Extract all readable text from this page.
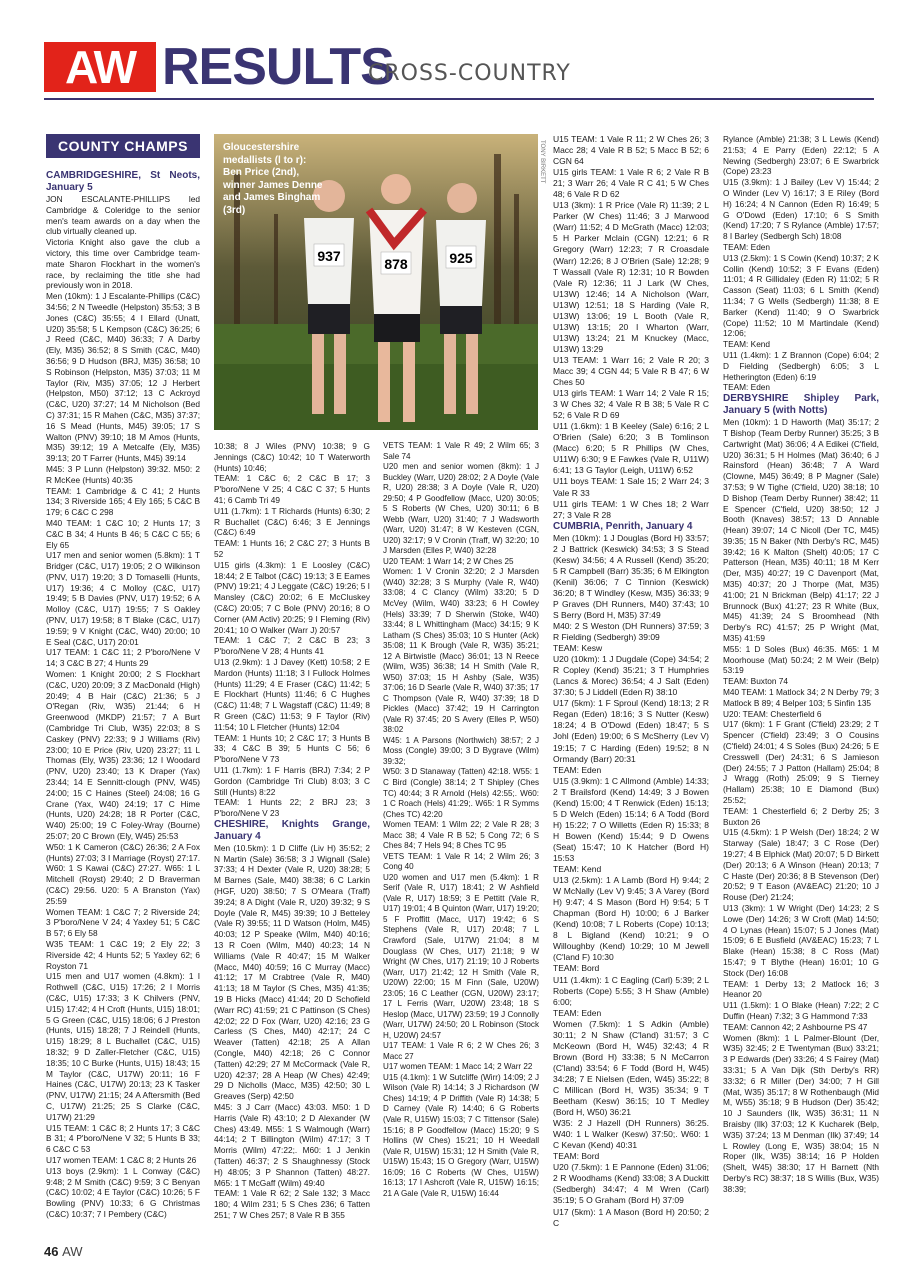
AW RESULTS
CROSS-COUNTRY
COUNTY CHAMPS

CAMBRIDGESHIRE, St Neots, January 5

JON ESCALANTE-PHILLIPS led Cambridge & Coleridge to the senior men's team awards on a day when the club virtually cleaned up.

Victoria Knight also gave the club a victory, this time over Cambridge team-mate Sharon Flockhart in the women's race, by reclaiming the title she had previously won in 2018.

Men (10km): 1 J Escalante-Phillips (C&C) 34:56; 2 N Tweedle (Helpston) 35:53; 3 B Jones (C&C) 35:55; 4 I Ellard (Unatt, U20) 35:58; 5 L Kempson (C&C) 36:25; 6 J Reed (C&C, M40) 36:33; 7 A Darby (Ely, M35) 36:52; 8 S Smith (C&C, M40) 36:56; 9 D Hudson (BRJ, M35) 36:58; 10 S Robinson (Helpston, M35) 37:03; 11 M Taylor (Riv, M35) 37:05; 12 J Herbert (Helpston, M50) 37:12; 13 C Ackroyd (C&C, U20) 37:27; 14 M Nicholson (Bed C) 37:31; 15 R Mahen (C&C, M35) 37:37; 16 S Mead (Hunts, M45) 39:05; 17 S Walton (PNV) 39:10; 18 M Amos (Hunts, M35) 39:12; 19 A Metcalfe (Ely, M35) 39:13; 20 T Farrer (Hunts, M45) 39:14

M45: 3 P Lunn (Helpston) 39:32. M50: 2 R McKee (Hunts) 40:35

TEAM: 1 Cambridge & C 41; 2 Hunts 134; 3 Riverside 165; 4 Ely 165; 5 C&C B 179; 6 C&C C 298

M40 TEAM: 1 C&C 10; 2 Hunts 17; 3 C&C B 34; 4 Hunts B 46; 5 C&C C 55; 6 Ely 65

U17 men and senior women (5.8km): 1 T Bridger (C&C, U17) 19:05; 2 O Wilkinson (PNV, U17) 19:20; 3 D Tomaselli (Hunts, U17) 19:36; 4 C Molloy (C&C, U17) 19:49; 5 B Davies (PNV, U17) 19:52; 6 A Molloy (C&C, U17) 19:55; 7 S Oakley (PNV, U17) 19:58; 8 T Blake (C&C, U17) 19:59; 9 V Knight (C&C, W40) 20:00; 10 E Seal (C&C, U17) 20:01

U17 TEAM: 1 C&C 11; 2 P'boro/Nene V 14; 3 C&C B 27; 4 Hunts 29

Women: 1 Knight 20:00; 2 S Flockhart (C&C, U20) 20:09; 3 Z MacDonald (High) 20:49; 4 B Hair (C&C) 21:36; 5 J O'Regan (Riv, W35) 21:44; 6 H Greenwood (MKDP) 21:57; 7 A Burt (Cambridge Tri Club, W35) 22:03; 8 S Caskey (PNV) 22:33; 9 J Williams (Riv) 23:00; 10 E Price (Riv, U20) 23:27; 11 L Thomas (Ely, W35) 23:36; 12 I Woodard (PNV, U20) 23:40; 13 K Draper (Yax) 23:44; 14 E Sennitt-clough (PNV, W45) 24:00; 15 C Haines (Steel) 24:08; 16 G Crane (Yax, W40) 24:19; 17 C Hime (Hunts, U20) 24:28; 18 R Porter (C&C, W40) 25:00; 19 C Foley-Wray (Bourne) 25:07; 20 C Brown (Ely, W45) 25:53

W50: 1 K Cameron (C&C) 26:36; 2 A Fox (Hunts) 27:03; 3 I Marriage (Royst) 27:17. W60: 1 S Kawai (C&C) 27:27. W65: 1 L Mitchell (Royst) 29:40; 2 D Braverman (C&C) 29:56. U20: 5 A Branston (Yax) 25:59

Women TEAM: 1 C&C 7; 2 Riverside 24; 3 P'boro/Nene V 24; 4 Yaxley 51; 5 C&C B 57; 6 Ely 58

W35 TEAM: 1 C&C 19; 2 Ely 22; 3 Riverside 42; 4 Hunts 52; 5 Yaxley 62; 6 Royston 71

U15 men and U17 women (4.8km): 1 I Rothwell (C&C, U15) 17:26; 2 I Morris (C&C, U15) 17:33; 3 K Chilvers (PNV, U15) 17:42; 4 H Croft (Hunts, U15) 18:01; 5 G Green (C&C, U15) 18:06; 6 J Preston (Hunts, U15) 18:28; 7 J Reindell (Hunts, U15) 18:29; 8 L Buchallet (C&C, U15) 18:32; 9 D Zaller-Fletcher (C&C, U15) 18:35; 10 C Burke (Hunts, U15) 18:43; 15 M Taylor (C&C, U17W) 20:11; 16 F Haines (C&C, U17W) 20:13; 23 K Tasker (PNV, U17W) 21:15; 24 A Aftersmith (Bed C, U17W) 21:25; 25 S Clarke (C&C, U17W) 21:29

U15 TEAM: 1 C&C 8; 2 Hunts 17; 3 C&C B 31; 4 P'boro/Nene V 32; 5 Hunts B 33; 6 C&C C 53

U17 women TEAM: 1 C&C 8; 2 Hunts 26

U13 boys (2.9km): 1 L Conway (C&C) 9:48; 2 M Smith (C&C) 9:59; 3 C Benyan (C&C) 10:02; 4 E Taylor (C&C) 10:26; 5 F Bowling (PNV) 10:33; 6 G Christmas (C&C) 10:37; 7 I Pembery (C&C)

10:38; 8 J Wiles (PNV) 10:38; 9 G Jennings (C&C) 10:42; 10 T Waterworth (Hunts) 10:46;

TEAM: 1 C&C 6; 2 C&C B 17; 3 P'boro/Nene V 25; 4 C&C C 37; 5 Hunts 41; 6 Camb Tri 49

U11 (1.7km): 1 T Richards (Hunts) 6:30; 2 R Buchallet (C&C) 6:46; 3 E Jennings (C&C) 6:49

TEAM: 1 Hunts 16; 2 C&C 27; 3 Hunts B 52

U15 girls (4.3km): 1 E Loosley (C&C) 18:44; 2 E Talbot (C&C) 19:13; 3 E Eames (PNV) 19:21; 4 J Leggate (C&C) 19:26; 5 I Mansley (C&C) 20:02; 6 E McCluskey (C&C) 20:05; 7 C Bole (PNV) 20:16; 8 O Corner (AM Activ) 20:25; 9 I Fleming (Riv) 20:41; 10 O Walker (Warr J) 20:57

TEAM: 1 C&C 7; 2 C&C B 23; 3 P'boro/Nene V 28; 4 Hunts 41

U13 (2.9km): 1 J Davey (Kett) 10:58; 2 E Mardon (Hunts) 11:18; 3 I Fullock Holmes (Hunts) 11:29; 4 E Fraser (C&C) 11:42; 5 E Flockhart (Hunts) 11:46; 6 C Hughes (C&C) 11:48; 7 L Wagstaff (C&C) 11:49; 8 R Green (C&C) 11:53; 9 F Taylor (Riv) 11:54; 10 L Fletcher (Hunts) 12:04

TEAM: 1 Hunts 10; 2 C&C 17; 3 Hunts B 33; 4 C&C B 39; 5 Hunts C 56; 6 P'boro/Nene V 73

U11 (1.7km): 1 F Harris (BRJ) 7:34; 2 P Gordon (Cambridge Tri Club) 8:03; 3 C Still (Hunts) 8:22

TEAM: 1 Hunts 22; 2 BRJ 23; 3 P'boro/Nene V 23

CHESHIRE, Knights Grange, January 4

Men (10.5km): 1 D Cliffe (Liv H) 35:52; 2 N Martin (Sale) 36:58; 3 J Wignall (Sale) 37:33; 4 H Dexter (Vale R, U20) 38:28; 5 M Barnes (Sale, M40) 38:38; 6 C Larkin (HGF, U20) 38:50; 7 S O'Meara (Traff) 39:24; 8 A Dight (Vale R, U20) 39:32; 9 S Doyle (Vale R, M45) 39:39; 10 J Betteley (Vale R) 39:55; 11 D Watson (Holm, M45) 40:03; 12 P Speake (Wilm, M40) 40:16; 13 R Coen (Wilm, M40) 40:23; 14 N Williams (Vale R 40:47; 15 M Walker (Macc, M40) 40:59; 16 C Murray (Macc) 41:12; 17 M Crabtree (Vale R, M40) 41:13; 18 M Taylor (S Ches, M35) 41:35; 19 B Hicks (Macc) 41:44; 20 D Schofield (Warr RC) 41:59; 21 C Pattinson (S Ches) 42:02; 22 D Fox (Warr, U20) 42:16; 23 G Carless (S Ches, M40) 42:17; 24 C Weaver (Tatten) 42:18; 25 A Allan (Congle, M40) 42:18; 26 C Connor (Tatten) 42:29; 27 M McCormack (Vale R, U20) 42:37; 28 A Heap (W Ches) 42:49; 29 D Nicholls (Macc, M35) 42:50; 30 L Greaves (Serp) 42:50

M45: 3 J Carr (Macc) 43:03. M50: 1 D Harris (Vale R) 43:10; 2 D Alexander (W Ches) 43:49. M55: 1 S Walmough (Warr) 44:14; 2 T Billington (Wilm) 47:17; 3 T Morris (Wilm) 47:22;. M60: 1 J Jenkin (Tatten) 46:37; 2 S Shaughnessy (Stock H) 48:05; 3 P Shannon (Tatten) 48:27. M65: 1 T McGaff (Wilm) 49:40

TEAM: 1 Vale R 62; 2 Sale 132; 3 Macc 180; 4 Wilm 231; 5 S Ches 236; 6 Tatten 251; 7 W Ches 257; 8 Vale R B 355

VETS TEAM: 1 Vale R 49; 2 Wilm 65; 3 Sale 74

U20 men and senior women (8km): 1 J Buckley (Warr, U20) 28:02; 2 A Doyle (Vale R, U20) 28:38; 3 A Doyle (Vale R, U20) 29:50; 4 P Goodfellow (Macc, U20) 30:05; 5 S Roberts (W Ches, U20) 30:11; 6 B Webb (Warr, U20) 31:40; 7 J Wadsworth (Warr, U20) 31:47; 8 W Kesteven (CGN, U20) 32:17; 9 V Cronin (Traff, W) 32:20; 10 J Marsden (Elles P, W40) 32:28

U20 TEAM: 1 Warr 14; 2 W Ches 25

Women: 1 V Cronin 32:20; 2 J Marsden (W40) 32:28; 3 S Murphy (Vale R, W40) 33:08; 4 C Clancy (Wilm) 33:20; 5 D McVey (Wilm, W40) 33:23; 6 H Cowley (Hels) 33:39; 7 D Sherwin (Stoke, W40) 33:44; 8 L Whittingham (Macc) 34:15; 9 K Latham (S Ches) 35:03; 10 S Hunter (Ack) 35:08; 11 K Brough (Vale R, W35) 35:21; 12 A Birtwistle (Macc) 36:01; 13 N Reece (Wilm, W35) 36:38; 14 H Smith (Vale R, W50) 37:03; 15 H Ashby (Sale, W35) 37:06; 16 D Searle (Vale R, W40) 37:35; 17 C Thompson (Vale R, W40) 37:39; 18 D Pickles (Macc) 37:42; 19 H Carrington (Vale R) 37:45; 20 S Avery (Elles P, W50) 38:02

W45: 1 A Parsons (Northwich) 38:57; 2 J Moss (Congle) 39:00; 3 D Bygrave (Wilm) 39:32;

W50: 3 D Stanaway (Tatten) 42:18. W55: 1 C Bird (Congle) 38:14; 2 T Shipley (Ches TC) 40:44; 3 R Arnold (Hels) 42:55;. W60: 1 C Roach (Hels) 41:29;. W65: 1 R Symms (Ches TC) 42:20

Women TEAM: 1 Wilm 22; 2 Vale R 28; 3 Macc 38; 4 Vale R B 52; 5 Cong 72; 6 S Ches 84; 7 Hels 94; 8 Ches TC 95

VETS TEAM: 1 Vale R 14; 2 Wilm 26; 3 Cong 40

U20 women and U17 men (5.4km): 1 R Serif (Vale R, U17) 18:41; 2 W Ashfield (Vale R, U17) 18:59; 3 E Pettitt (Vale R, U17) 19:01; 4 B Quinton (Warr, U17) 19:20; 5 F Proffitt (Macc, U17) 19:42; 6 S Stephens (Vale R, U17) 20:48; 7 L Crawford (Sale, U17W) 21:04; 8 M Douglass (W Ches, U17) 21:18; 9 W Wright (W Ches, U17) 21:19; 10 J Roberts (Warr, U17) 21:42; 12 H Smith (Vale R, U20W) 22:00; 15 M Finn (Sale, U20W) 23:05; 16 C Leather (CGN, U20W) 23:17; 17 L Ferris (Warr, U20W) 23:48; 18 S Heslop (Macc, U17W) 23:59; 19 J Connolly (Warr, U17W) 24:50; 20 L Robinson (Stock H, U20W) 24:57

U17 TEAM: 1 Vale R 6; 2 W Ches 26; 3 Macc 27

U17 women TEAM: 1 Macc 14; 2 Warr 22

U15 (4.1km): 1 W Sutcliffe (Wirr) 14:09; 2 J Wilson (Vale R) 14:14; 3 J Richardson (W Ches) 14:19; 4 P Driffith (Vale R) 14:38; 5 D Carney (Vale R) 14:40; 6 G Roberts (Vale R, U15W) 15:03; 7 C Tittensor (Sale) 15:16; 8 P Goodfellow (Macc) 15:20; 9 S Hollins (W Ches) 15:21; 10 H Weedall (Vale R, U15W) 15:31; 12 H Smith (Vale R, U15W) 15:43; 15 O Gregory (Warr, U15W) 16:09; 16 C Roberts (W Ches, U15W) 16:13; 17 I Ashcroft (Vale R, U15W) 16:15; 21 A Gale (Vale R, U15W) 16:44

U15 TEAM: 1 Vale R 11; 2 W Ches 26; 3 Macc 28; 4 Vale R B 52; 5 Macc B 52; 6 CGN 64

U15 girls TEAM: 1 Vale R 6; 2 Vale R B 21; 3 Warr 26; 4 Vale R C 41; 5 W Ches 48; 6 Vale R D 62

U13 (3km): 1 R Price (Vale R) 11:39; 2 L Parker (W Ches) 11:46; 3 J Marwood (Warr) 11:52; 4 D McGrath (Macc) 12:03; 5 H Parker Mclain (CGN) 12:21; 6 R Gregory (Warr) 12:23; 7 R Croasdale (Warr) 12:26; 8 J O'Brien (Sale) 12:28; 9 T Wassall (Vale R) 12:31; 10 R Bowden (Vale R) 12:36; 11 J Lark (W Ches, U13W) 12:46; 14 A Nicholson (Warr, U13W) 12:51; 18 S Harding (Vale R, U13W) 13:06; 19 L Booth (Vale R, U13W) 13:15; 20 I Wharton (Warr, U13W) 13:24; 21 M Knuckey (Macc, U13W) 13:29

U13 TEAM: 1 Warr 16; 2 Vale R 20; 3 Macc 39; 4 CGN 44; 5 Vale R B 47; 6 W Ches 50

U13 girls TEAM: 1 Warr 14; 2 Vale R 15; 3 W Ches 32; 4 Vale R B 38; 5 Vale R C 52; 6 Vale R D 69

U11 (1.6km): 1 B Keeley (Sale) 6:16; 2 L O'Brien (Sale) 6:20; 3 B Tomlinson (Macc) 6:20; 5 R Phillips (W Ches, U11W) 6:30; 9 E Fawkes (Vale R, U11W) 6:41; 13 G Taylor (Leigh, U11W) 6:52

U11 boys TEAM: 1 Sale 15; 2 Warr 24; 3 Vale R 33

U11 girls TEAM: 1 W Ches 18; 2 Warr 27; 3 Vale R 28

CUMBRIA, Penrith, January 4

Men (10km): 1 J Douglas (Bord H) 33:57; 2 J Battrick (Keswick) 34:53; 3 S Stead (Kesw) 34:56; 4 A Russell (Kend) 35:20; 5 R Campbell (Barr) 35:35; 6 M Elkington (Kenil) 36:06; 7 C Tinnion (Keswick) 36:20; 8 T Windley (Kesw, M35) 36:33; 9 P Graves (DH Runners, M40) 37:43; 10 S Berry (Bord H, M35) 37:49

M40: 2 S Weston (DH Runners) 37:59; 3 R Fielding (Sedbergh) 39:09

TEAM: Kesw

U20 (10km): 1 J Dugdale (Cope) 34:54; 2 R Copley (Kend) 35:21; 3 T Humphries (Lancs & Morec) 36:54; 4 J Salt (Eden) 37:30; 5 J Liddell (Eden R) 38:10

U17 (5km): 1 F Sproul (Kend) 18:13; 2 R Regan (Eden) 18:16; 3 S Nutter (Kesw) 18:24; 4 B O'Dowd (Eden) 18:47; 5 S Johl (Eden) 19:00; 6 S McSherry (Lev V) 19:15; 7 C Harding (Eden) 19:52; 8 N Ormandy (Barr) 20:31

TEAM: Eden

U15 (3.9km): 1 C Allmond (Amble) 14:33; 2 T Brailsford (Kend) 14:49; 3 J Bowen (Kend) 15:00; 4 T Renwick (Eden) 15:13; 5 D Welch (Eden) 15:14; 6 A Todd (Bord H) 15:22; 7 O Willetts (Eden R) 15:33; 8 H Bowen (Kend) 15:44; 9 D Owens (Seat) 15:47; 10 K Hatcher (Bord H) 15:53

TEAM: Kend

U13 (2.5km): 1 A Lamb (Bord H) 9:44; 2 W McNally (Lev V) 9:45; 3 A Varey (Bord H) 9:47; 4 S Mason (Bord H) 9:54; 5 T Chapman (Bord H) 10:00; 6 J Barker (Kend) 10:08; 7 L Roberts (Cope) 10:13; 8 L Bigland (Kend) 10:21; 9 O Willoughby (Kend) 10:29; 10 M Jewell (C'land F) 10:30

TEAM: Bord

U11 (1.4km): 1 C Eagling (Carl) 5:39; 2 L Roberts (Cope) 5:55; 3 H Shaw (Amble) 6:00;

TEAM: Eden

Women (7.5km): 1 S Adkin (Amble) 30:11; 2 N Shaw (C'land) 31:57; 3 C McKeown (Bord H, W45) 32:43; 4 R Brown (Bord H) 33:38; 5 N McCarron (C'land) 33:54; 6 F Todd (Bord H, W45) 34:28; 7 E Nielsen (Eden, W45) 35:22; 8 C Millican (Bord H, W35) 35:34; 9 T Beetham (Kesw) 36:15; 10 T Medley (Bord H, W50) 36:21

W35: 2 J Hazell (DH Runners) 36:25. W40: 1 L Walker (Kesw) 37:50;. W60: 1 C Kevan (Kend) 40:31

TEAM: Bord

U20 (7.5km): 1 E Pannone (Eden) 31:06; 2 R Woodhams (Kend) 33:08; 3 A Duckitt (Sedbergh) 34:47; 4 M Wren (Carl) 35:19; 5 O Graham (Bord H) 37:09

U17 (5km): 1 A Mason (Bord H) 20:50; 2 C

Rylance (Amble) 21:38; 3 L Lewis (Kend) 21:53; 4 E Parry (Eden) 22:12; 5 A Newing (Sedbergh) 23:07; 6 E Swarbrick (Cope) 23:23

U15 (3.9km): 1 J Bailey (Lev V) 15:44; 2 O Winder (Lev V) 16:17; 3 E Riley (Bord H) 16:24; 4 N Cannon (Eden R) 16:49; 5 G O'Dowd (Eden) 17:10; 6 S Smith (Kend) 17:20; 7 S Rylance (Amble) 17:57; 8 I Barley (Sedbergh Sch) 18:08

TEAM: Eden

U13 (2.5km): 1 S Cowin (Kend) 10:37; 2 K Collin (Kend) 10:52; 3 F Evans (Eden) 11:01; 4 R Gillidaley (Eden R) 11:02; 5 R Casson (Seat) 11:03; 6 L Smith (Kend) 11:34; 7 G Wells (Sedbergh) 11:38; 8 E Barker (Kend) 11:40; 9 O Swarbrick (Cope) 11:52; 10 M Martindale (Kend) 12:06;

TEAM: Kend

U11 (1.4km): 1 Z Brannon (Cope) 6:04; 2 D Fielding (Sedbergh) 6:05; 3 L Hetherington (Eden) 6:19

TEAM: Eden

DERBYSHIRE Shipley Park, January 5 (with Notts)

Men (10km): 1 D Haworth (Mat) 35:17; 2 T Bishop (Team Derby Runner) 35:25; 3 B Cartwright (Mat) 36:06; 4 A Edikei (C'field, U20) 36:31; 5 H Holmes (Mat) 36:40; 6 J Rainsford (Hean) 36:48; 7 A Ward (Clowne, M45) 36:49; 8 P Magner (Sale) 37:53; 9 W Tighe (C'field, U20) 38:18; 10 D Bishop (Team Derby Runner) 38:42; 11 E Spencer (C'field, U20) 38:50; 12 J Booth (Knaves) 38:57; 13 D Annable (Hean) 39:07; 14 C Nicoll (Der TC, M45) 39:35; 15 N Baker (Nth Derby's RC, M45) 39:42; 16 K Malton (Shelt) 40:05; 17 C Patterson (Hean, M35) 40:11; 18 M Kerr (Der, M35) 40:27; 19 C Davenport (Mat, M35) 40:37; 20 J Thorpe (Mat, M35) 41:00; 21 N Brickman (Belp) 41:17; 22 J Brunnock (Bux) 41:27; 23 R White (Bux, M45) 41:39; 24 S Broomhead (Nth Derby's RC) 41:57; 25 P Wright (Mat, M35) 41:59

M55: 1 D Soles (Bux) 46:35. M65: 1 M Moorhouse (Mat) 50:24; 2 M Weir (Belp) 53:19

TEAM: Buxton 74

M40 TEAM: 1 Matlock 34; 2 N Derby 79; 3 Matlock B 89; 4 Belper 103; 5 Sinfin 135

U20: TEAM: Chesterfield 6

U17 (6km): 1 F Grant (C'field) 23:29; 2 T Spencer (C'field) 23:49; 3 O Cousins (C'field) 24:01; 4 S Soles (Bux) 24:26; 5 E Cresswell (Der) 24:31; 6 S Jamieson (Der) 24:55; 7 J Patton (Hallam) 25:04; 8 J Wragg (Roth) 25:09; 9 S Tierney (Hallam) 25:38; 10 E Diamond (Bux) 25:52;

TEAM: 1 Chesterfield 6; 2 Derby 25; 3 Buxton 26

U15 (4.5km): 1 P Welsh (Der) 18:24; 2 W Starway (Sale) 18:47; 3 C Rose (Der) 19:27; 4 B Elphick (Mat) 20:07; 5 D Birkett (Der) 20:13; 6 A Winson (Hean) 20:13; 7 C Haste (Der) 20:36; 8 B Stevenson (Der) 20:52; 9 T Eason (AV&EAC) 21:20; 10 J Rouse (Der) 21:24;

U13 (3km): 1 W Wright (Der) 14:23; 2 S Lowe (Der) 14:26; 3 W Croft (Mat) 14:50; 4 O Lynas (Hean) 15:07; 5 J Jones (Mat) 15:09; 6 E Busfield (AV&EAC) 15:23; 7 L Blake (Hean) 15:38; 8 C Ross (Mat) 15:47; 9 T Blythe (Hean) 16:01; 10 G Stock (Der) 16:08

TEAM: 1 Derby 13; 2 Matlock 16; 3 Heanor 20

U11 (1.5km): 1 O Blake (Hean) 7:22; 2 C Duffin (Hean) 7:32; 3 G Hammond 7:33

TEAM: Cannon 42; 2 Ashbourne PS 47

Women (8km): 1 L Palmer-Blount (Der, W35) 32:45; 2 E Twentyman (Bux) 33:21; 3 P Edwards (Der) 33:26; 4 S Fairey (Mat) 33:31; 5 A Van Dijk (Sth Derby's RR) 33:32; 6 R Miller (Der) 34:00; 7 H Gill (Mat, W35) 35:17; 8 W Rothenbaugh (Mid M, W55) 35:18; 9 B Hudson (Der) 35:42; 10 J Saunders (Ilk, W35) 36:31; 11 N Braisby (Ilk) 37:03; 12 K Kucharek (Belp, W35) 37:24; 13 M Denman (Ilk) 37:49; 14 L Rowley (Long E, W35) 38:04; 15 N Roper (Ilk, W35) 38:14; 16 P Holden (Shelt, W45) 38:30; 17 H Barnett (Nth Derby's RC) 38:37; 18 S Willis (Bux, W35) 38:39;

937	878	925
Gloucestershire medallists (l to r): Ben Price (2nd), winner James Denne and James Bingham (3rd)
TONY BIRKETT
46 AW
